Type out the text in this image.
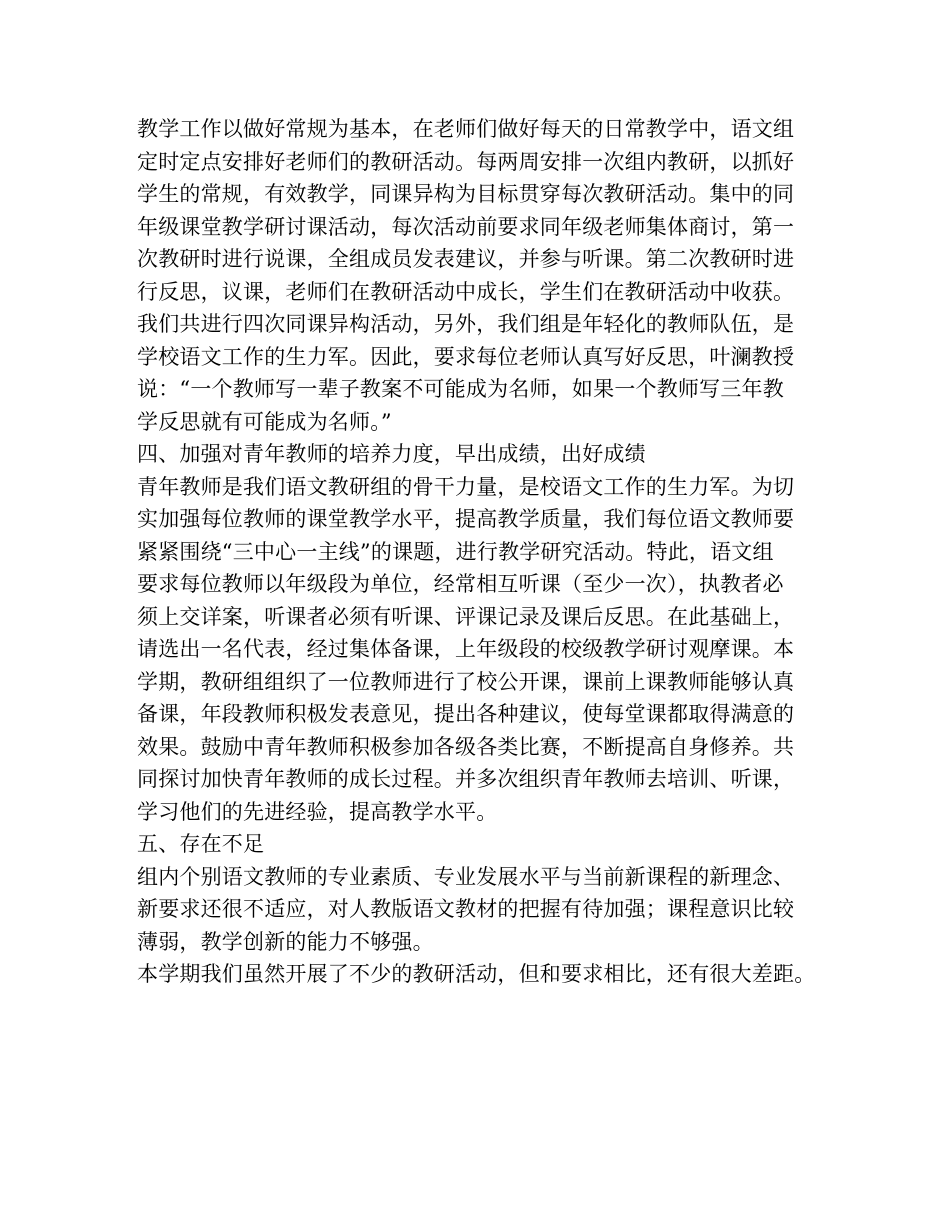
教学工作以做好常规为基本，在老师们做好每天的日常教学中，语文组
定时定点安排好老师们的教研活动。每两周安排一次组内教研，以抓好
学生的常规，有效教学，同课异构为目标贯穿每次教研活动。集中的同
年级课堂教学研讨课活动，每次活动前要求同年级老师集体商讨，第一
次教研时进行说课，全组成员发表建议，并参与听课。第二次教研时进
行反思，议课，老师们在教研活动中成长，学生们在教研活动中收获。
我们共进行四次同课异构活动，另外，我们组是年轻化的教师队伍，是
学校语文工作的生力军。因此，要求每位老师认真写好反思，叶澜教授
说：“一个教师写一辈子教案不可能成为名师，如果一个教师写三年教
学反思就有可能成为名师。”
四、加强对青年教师的培养力度，早出成绩，出好成绩
青年教师是我们语文教研组的骨干力量，是校语文工作的生力军。为切
实加强每位教师的课堂教学水平，提高教学质量，我们每位语文教师要
紧紧围绕“三中心一主线”的课题，进行教学研究活动。特此，语文组
要求每位教师以年级段为单位，经常相互听课（至少一次），执教者必
须上交详案，听课者必须有听课、评课记录及课后反思。在此基础上，
请选出一名代表，经过集体备课，上年级段的校级教学研讨观摩课。本
学期，教研组组织了一位教师进行了校公开课，课前上课教师能够认真
备课，年段教师积极发表意见，提出各种建议，使每堂课都取得满意的
效果。鼓励中青年教师积极参加各级各类比赛，不断提高自身修养。共
同探讨加快青年教师的成长过程。并多次组织青年教师去培训、听课，
学习他们的先进经验，提高教学水平。
五、存在不足
组内个别语文教师的专业素质、专业发展水平与当前新课程的新理念、
新要求还很不适应，对人教版语文教材的把握有待加强；课程意识比较
薄弱，教学创新的能力不够强。
本学期我们虽然开展了不少的教研活动，但和要求相比，还有很大差距。
